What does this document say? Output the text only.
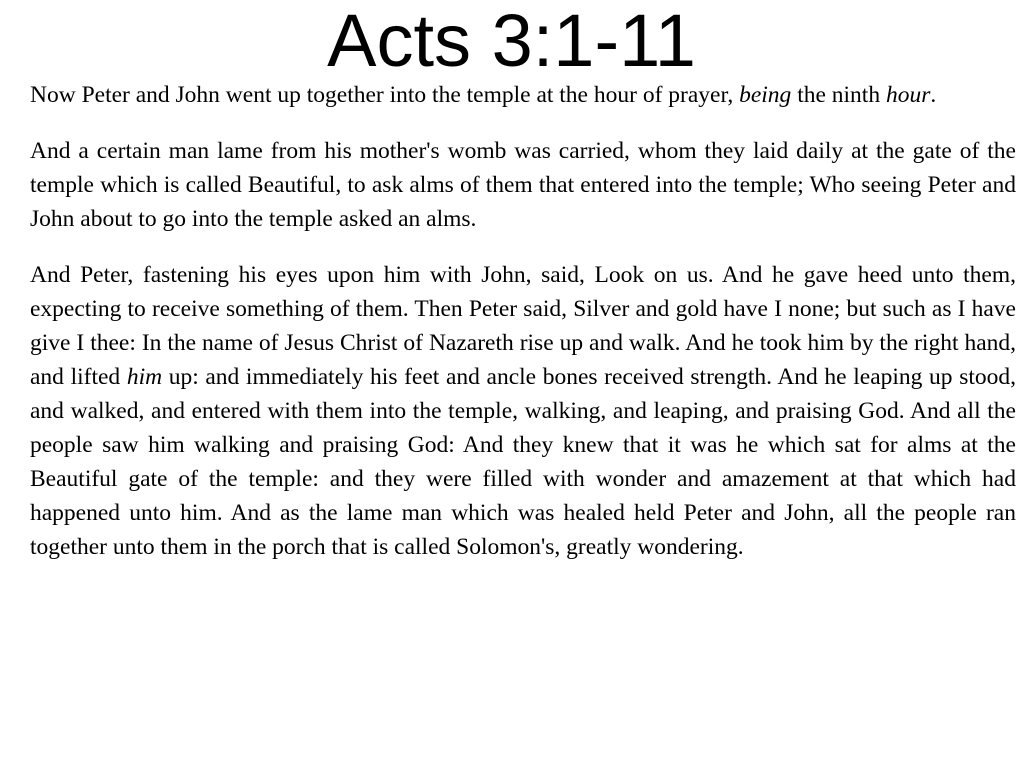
Acts 3:1-11

Now Peter and John went up together into the temple at the hour of prayer, being the ninth hour.

And a certain man lame from his mother's womb was carried, whom they laid daily at the gate of the temple which is called Beautiful, to ask alms of them that entered into the temple; Who seeing Peter and John about to go into the temple asked an alms.

And Peter, fastening his eyes upon him with John, said, Look on us. And he gave heed unto them, expecting to receive something of them. Then Peter said, Silver and gold have I none; but such as I have give I thee: In the name of Jesus Christ of Nazareth rise up and walk. And he took him by the right hand, and lifted him up: and immediately his feet and ancle bones received strength. And he leaping up stood, and walked, and entered with them into the temple, walking, and leaping, and praising God. And all the people saw him walking and praising God: And they knew that it was he which sat for alms at the Beautiful gate of the temple: and they were filled with wonder and amazement at that which had happened unto him. And as the lame man which was healed held Peter and John, all the people ran together unto them in the porch that is called Solomon's, greatly wondering.
